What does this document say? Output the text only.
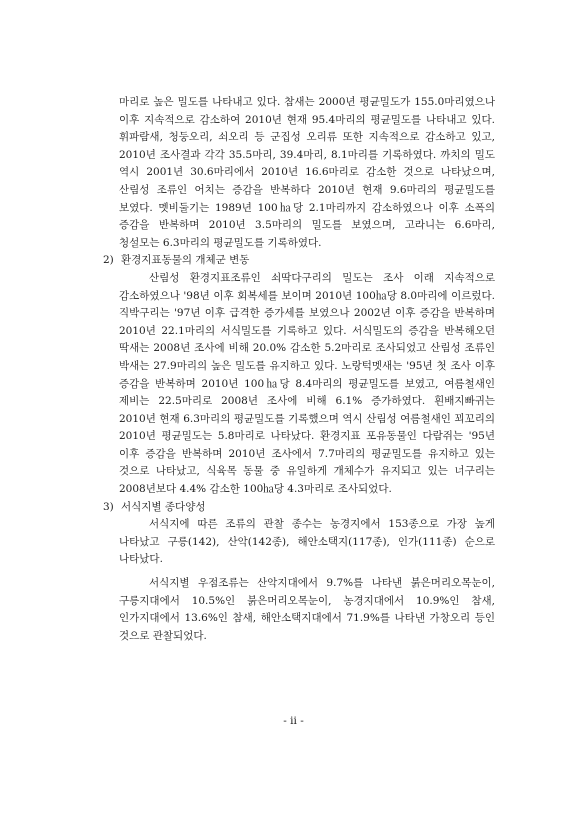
마리로 높은 밀도를 나타내고 있다. 참새는 2000년 평균밀도가 155.0마리였으나 이후 지속적으로 감소하여 2010년 현재 95.4마리의 평균밀도를 나타내고 있다. 휘파람새, 청둥오리, 쇠오리 등 군집성 오리류 또한 지속적으로 감소하고 있고, 2010년 조사결과 각각 35.5마리, 39.4마리, 8.1마리를 기록하였다. 까치의 밀도 역시 2001년 30.6마리에서 2010년 16.6마리로 감소한 것으로 나타났으며, 산림성 조류인 어치는 증감을 반복하다 2010년 현재 9.6마리의 평균밀도를 보였다. 멧비둘기는 1989년 100㏊당 2.1마리까지 감소하였으나 이후 소폭의 증감을 반복하며 2010년 3.5마리의 밀도를 보였으며, 고라니는 6.6마리, 청설모는 6.3마리의 평균밀도를 기록하였다.

2) 환경지표동물의 개체군 변동

산림성 환경지표조류인 쇠딱다구리의 밀도는 조사 이래 지속적으로 감소하였으나 '98년 이후 회복세를 보이며 2010년 100㏊당 8.0마리에 이르렀다. 직박구리는 '97년 이후 급격한 증가세를 보였으나 2002년 이후 증감을 반복하며 2010년 22.1마리의 서식밀도를 기록하고 있다. 서식밀도의 증감을 반복해오던 딱새는 2008년 조사에 비해 20.0% 감소한 5.2마리로 조사되었고 산림성 조류인 박새는 27.9마리의 높은 밀도를 유지하고 있다. 노랑턱멧새는 '95년 첫 조사 이후 증감을 반복하며 2010년 100㏊당 8.4마리의 평균밀도를 보였고, 여름철새인 제비는 22.5마리로 2008년 조사에 비해 6.1% 증가하였다. 흰배지빠귀는 2010년 현재 6.3마리의 평균밀도를 기록했으며 역시 산림성 여름철새인 꾀꼬리의 2010년 평균밀도는 5.8마리로 나타났다. 환경지표 포유동물인 다람쥐는 '95년 이후 증감을 반복하며 2010년 조사에서 7.7마리의 평균밀도를 유지하고 있는 것으로 나타났고, 식육목 동물 중 유일하게 개체수가 유지되고 있는 너구리는 2008년보다 4.4% 감소한 100㏊당 4.3마리로 조사되었다.

3) 서식지별 종다양성

서식지에 따른 조류의 관찰 종수는 농경지에서 153종으로 가장 높게 나타났고 구릉(142), 산악(142종), 해안소택지(117종), 인가(111종) 순으로 나타났다.

서식지별 우점조류는 산악지대에서 9.7%를 나타낸 붉은머리오목눈이, 구릉지대에서 10.5%인 붉은머리오목눈이, 농경지대에서 10.9%인 참새, 인가지대에서 13.6%인 참새, 해안소택지대에서 71.9%를 나타낸 가창오리 등인 것으로 관찰되었다.

- ii -
